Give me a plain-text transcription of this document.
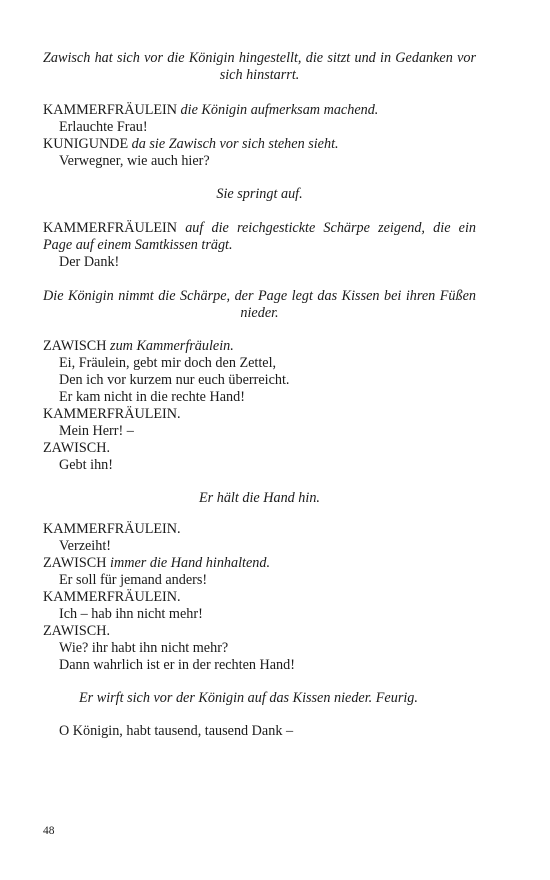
Zawisch hat sich vor die Königin hingestellt, die sitzt und in Gedanken vor sich hinstarrt.
KAMMERFRÄULEIN die Königin aufmerksam machend.
Erlauchte Frau!
KUNIGUNDE da sie Zawisch vor sich stehen sieht.
Verwegner, wie auch hier?
Sie springt auf.
KAMMERFRÄULEIN auf die reichgestickte Schärpe zeigend, die ein Page auf einem Samtkissen trägt.
Der Dank!
Die Königin nimmt die Schärpe, der Page legt das Kissen bei ihren Füßen nieder.
ZAWISCH zum Kammerfräulein.
Ei, Fräulein, gebt mir doch den Zettel,
Den ich vor kurzem nur euch überreicht.
Er kam nicht in die rechte Hand!
KAMMERFRÄULEIN.
Mein Herr! –
ZAWISCH.
Gebt ihn!
Er hält die Hand hin.
KAMMERFRÄULEIN.
Verzeiht!
ZAWISCH immer die Hand hinhaltend.
Er soll für jemand anders!
KAMMERFRÄULEIN.
Ich – hab ihn nicht mehr!
ZAWISCH.
Wie? ihr habt ihn nicht mehr?
Dann wahrlich ist er in der rechten Hand!
Er wirft sich vor der Königin auf das Kissen nieder. Feurig.
O Königin, habt tausend, tausend Dank –
48
